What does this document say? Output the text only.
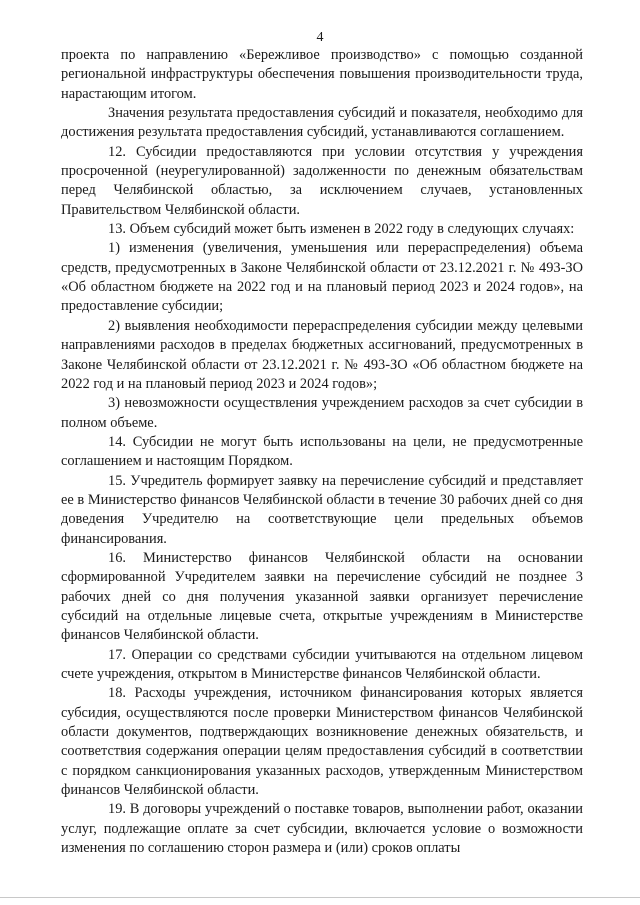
4

проекта по направлению «Бережливое производство» с помощью созданной региональной инфраструктуры обеспечения повышения производительности труда, нарастающим итогом.

Значения результата предоставления субсидий и показателя, необходимо для достижения результата предоставления субсидий, устанавливаются соглашением.

12. Субсидии предоставляются при условии отсутствия у учреждения просроченной (неурегулированной) задолженности по денежным обязательствам перед Челябинской областью, за исключением случаев, установленных Правительством Челябинской области.

13. Объем субсидий может быть изменен в 2022 году в следующих случаях:

1) изменения (увеличения, уменьшения или перераспределения) объема средств, предусмотренных в Законе Челябинской области от 23.12.2021 г. № 493-ЗО «Об областном бюджете на 2022 год и на плановый период 2023 и 2024 годов», на предоставление субсидии;

2) выявления необходимости перераспределения субсидии между целевыми направлениями расходов в пределах бюджетных ассигнований, предусмотренных в Законе Челябинской области от 23.12.2021 г. № 493-ЗО «Об областном бюджете на 2022 год и на плановый период 2023 и 2024 годов»;

3) невозможности осуществления учреждением расходов за счет субсидии в полном объеме.

14. Субсидии не могут быть использованы на цели, не предусмотренные соглашением и настоящим Порядком.

15. Учредитель формирует заявку на перечисление субсидий и представляет ее в Министерство финансов Челябинской области в течение 30 рабочих дней со дня доведения Учредителю на соответствующие цели предельных объемов финансирования.

16. Министерство финансов Челябинской области на основании сформированной Учредителем заявки на перечисление субсидий не позднее 3 рабочих дней со дня получения указанной заявки организует перечисление субсидий на отдельные лицевые счета, открытые учреждениям в Министерстве финансов Челябинской области.

17. Операции со средствами субсидии учитываются на отдельном лицевом счете учреждения, открытом в Министерстве финансов Челябинской области.

18. Расходы учреждения, источником финансирования которых является субсидия, осуществляются после проверки Министерством финансов Челябинской области документов, подтверждающих возникновение денежных обязательств, и соответствия содержания операции целям предоставления субсидий в соответствии с порядком санкционирования указанных расходов, утвержденным Министерством финансов Челябинской области.

19. В договоры учреждений о поставке товаров, выполнении работ, оказании услуг, подлежащие оплате за счет субсидии, включается условие о возможности изменения по соглашению сторон размера и (или) сроков оплаты
